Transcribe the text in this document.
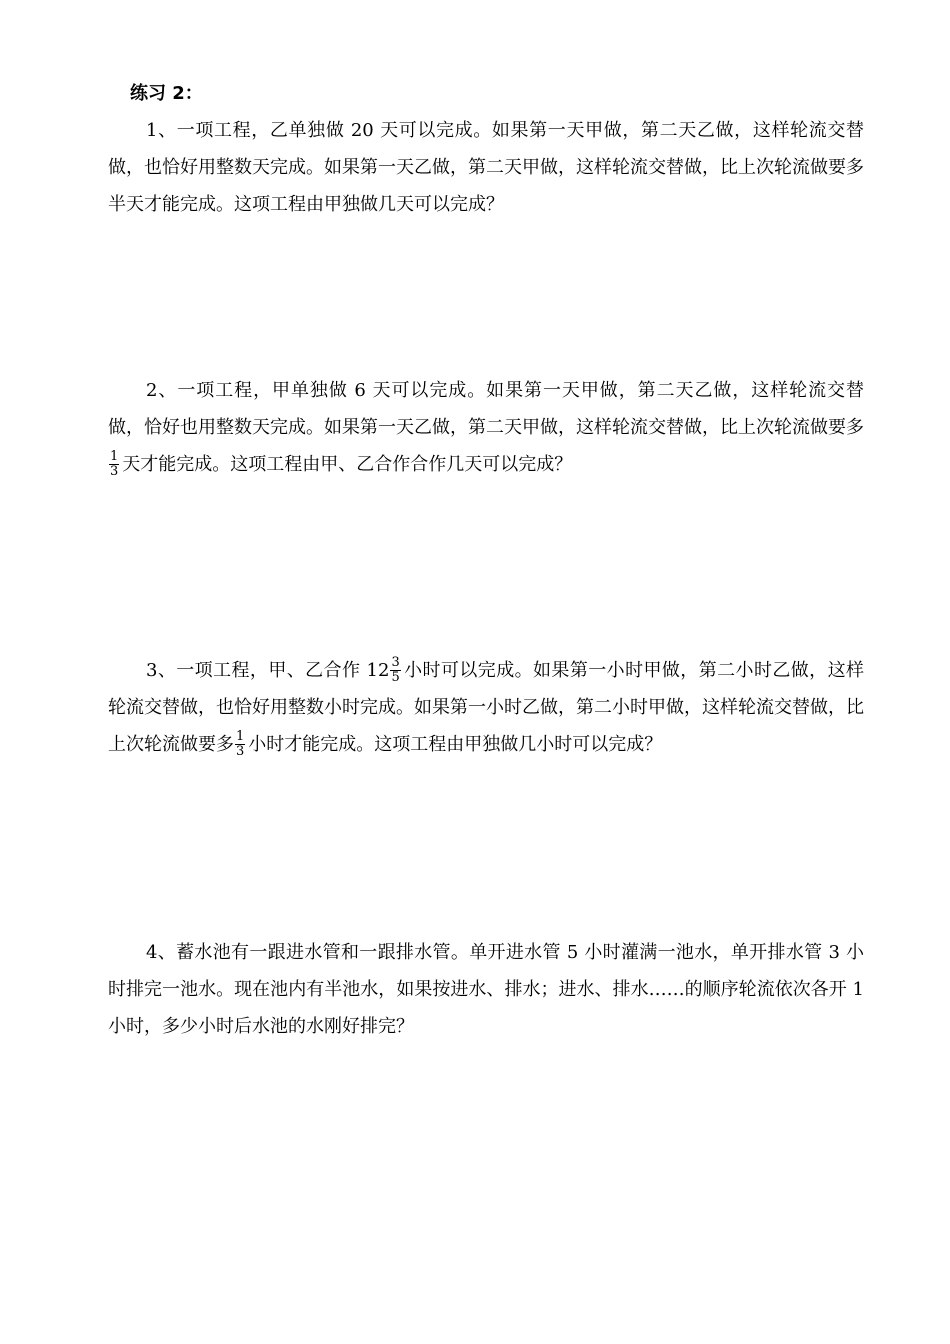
练习 2：
1、一项工程，乙单独做 20 天可以完成。如果第一天甲做，第二天乙做，这样轮流交替做，也恰好用整数天完成。如果第一天乙做，第二天甲做，这样轮流交替做，比上次轮流做要多半天才能完成。这项工程由甲独做几天可以完成？
2、一项工程，甲单独做 6 天可以完成。如果第一天甲做，第二天乙做，这样轮流交替做，恰好也用整数天完成。如果第一天乙做，第二天甲做，这样轮流交替做，比上次轮流做要多
$\frac{1}{3}$ 天才能完成。这项工程由甲、乙合作合作几天可以完成？
3、一项工程，甲、乙合作 $12 \frac{3}{5}$ 小时可以完成。如果第一小时甲做，第二小时乙做，这样轮流交替做，也恰好用整数小时完成。如果第一小时乙做，第二小时甲做，这样轮流交替做，比上次轮流做要多 $\frac{1}{3}$ 小时才能完成。这项工程由甲独做几小时可以完成？
4、蓄水池有一跟进水管和一跟排水管。单开进水管 5 小时灌满一池水，单开排水管 3 小时排完一池水。现在池内有半池水，如果按进水、排水；进水、排水……的顺序轮流依次各开 1 小时，多少小时后水池的水刚好排完？
